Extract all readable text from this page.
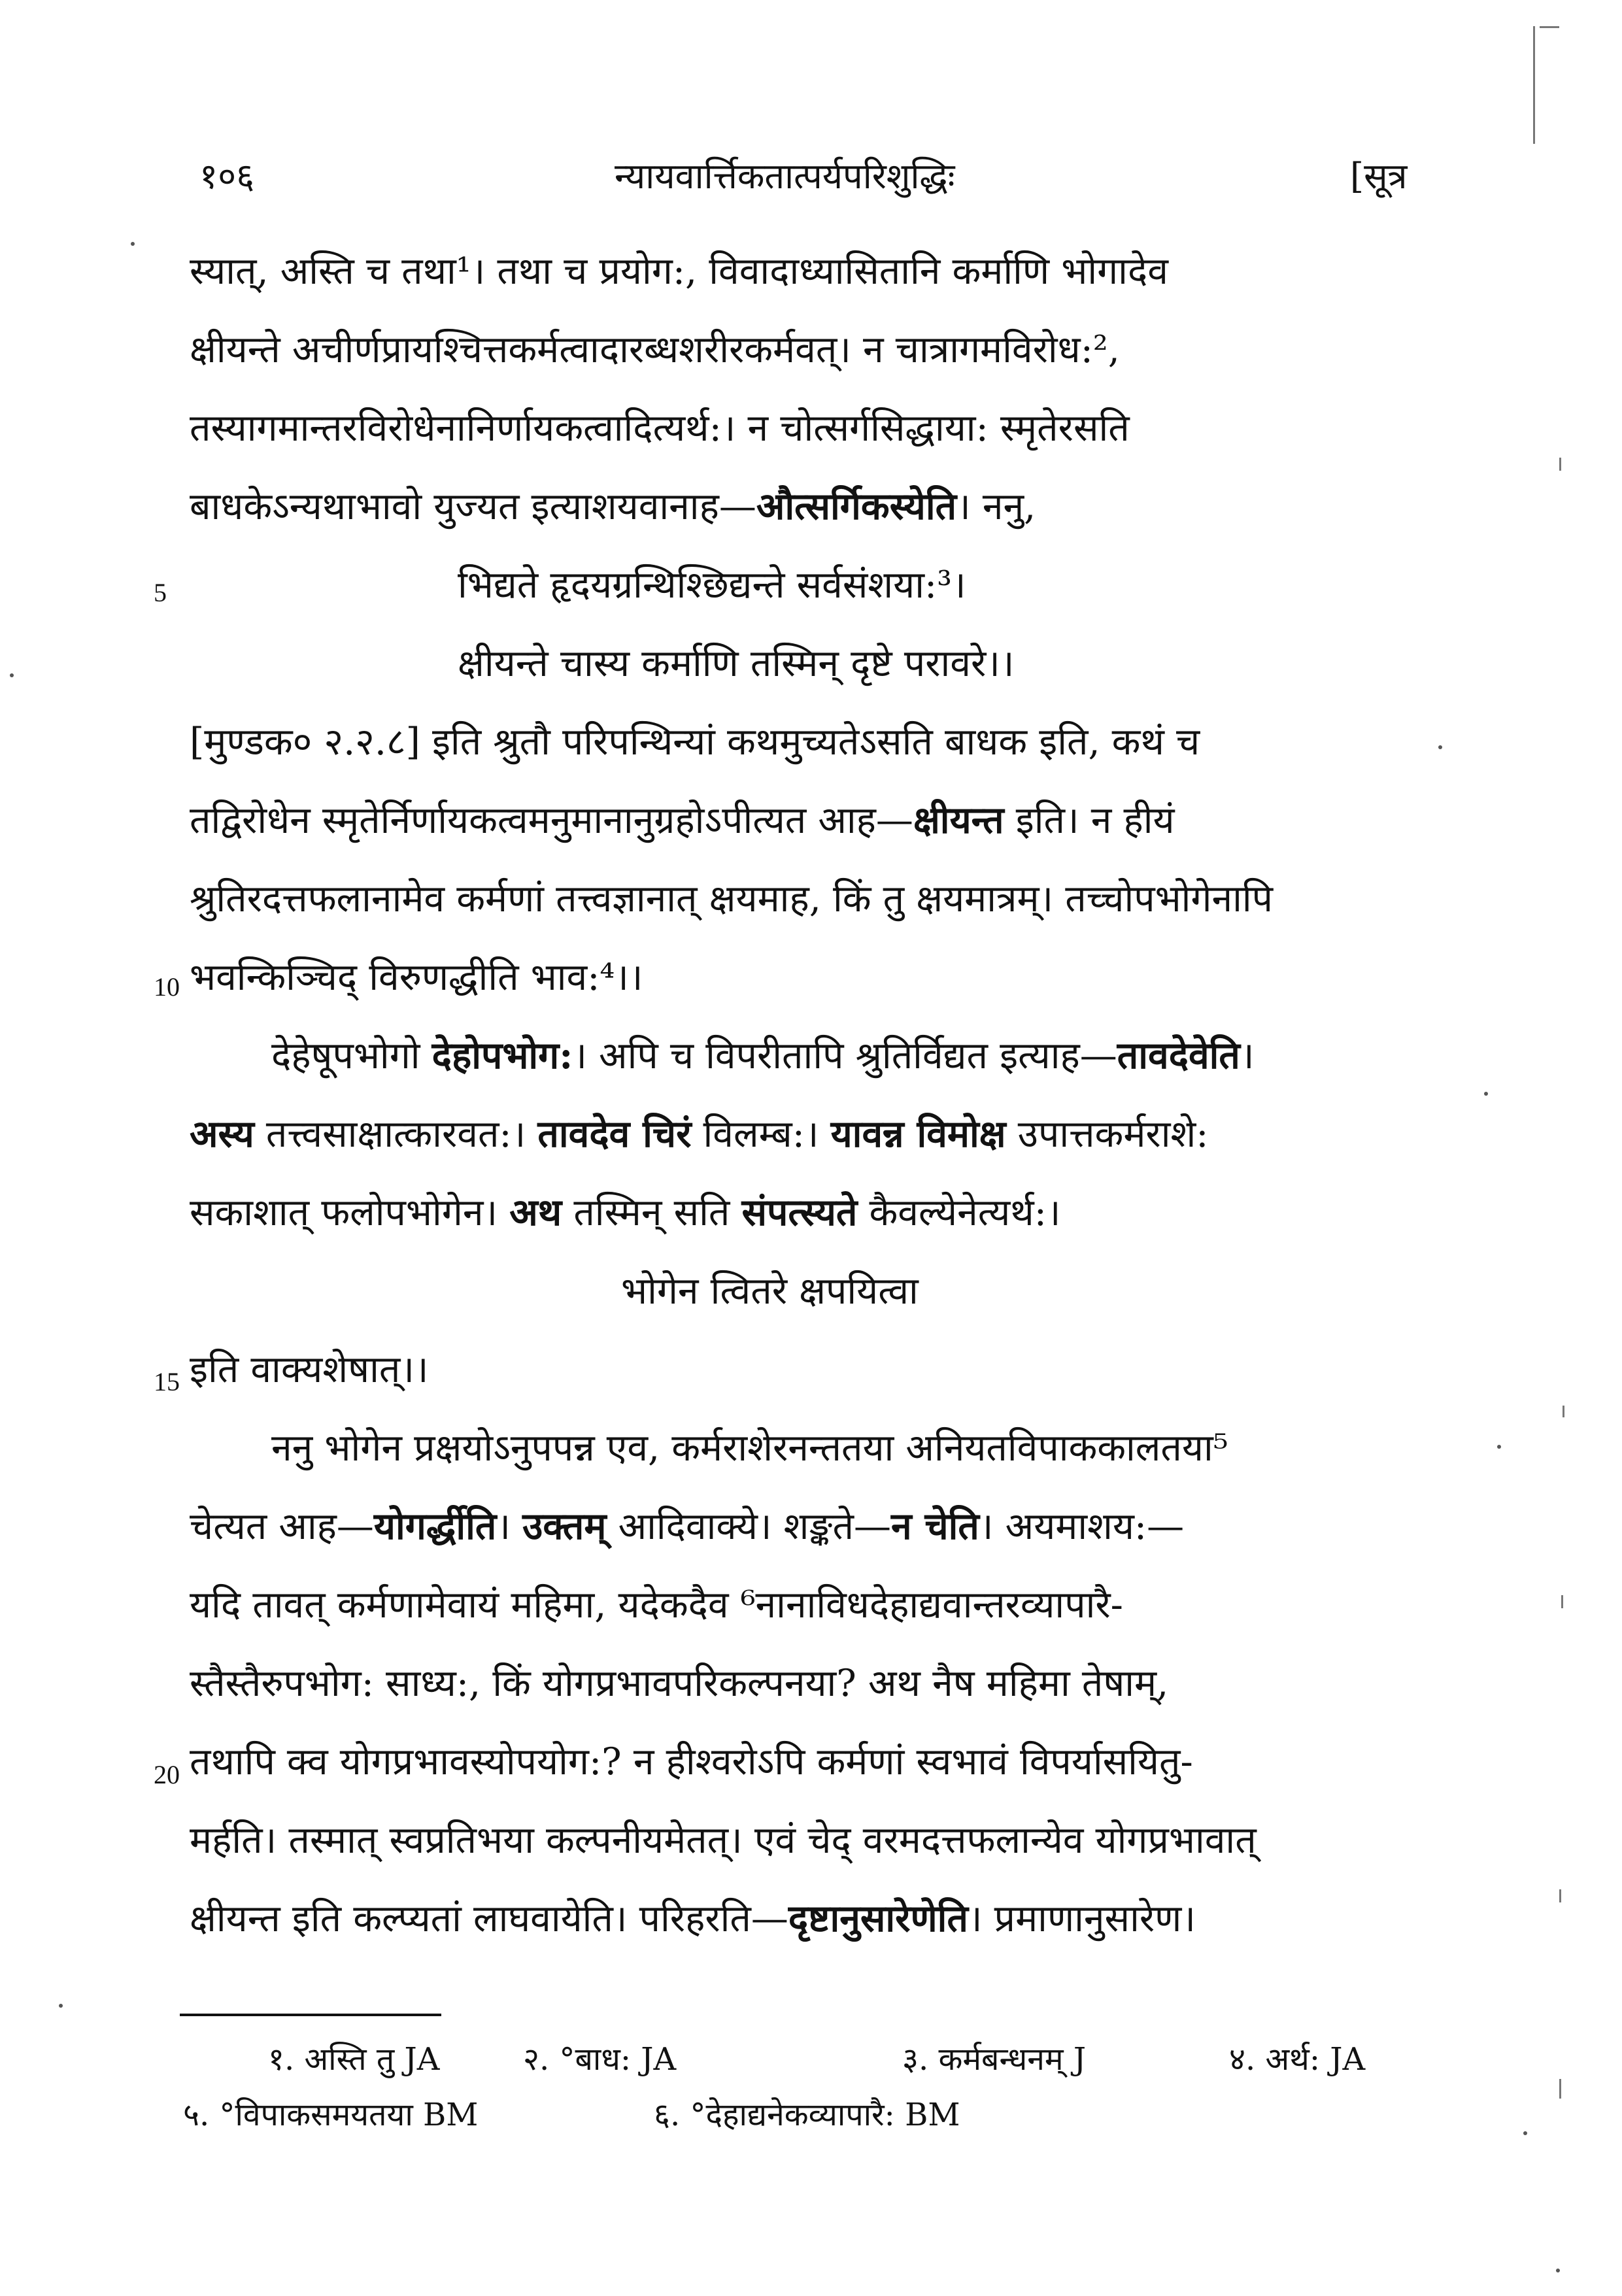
१०६	न्यायवार्त्तिकतात्पर्यपरिशुद्धिः	[सूत्र
5
10
15
20
स्यात्, अस्ति च तथा¹। तथा च प्रयोग:, विवादाध्यासितानि कर्माणि भोगादेव
क्षीयन्ते अचीर्णप्रायश्चित्तकर्मत्वादारब्धशरीरकर्मवत्। न चात्रागमविरोध:²,
तस्यागमान्तरविरोधेनानिर्णायकत्वादित्यर्थ:। न चोत्सर्गसिद्धाया: स्मृतेरसति
बाधकेऽन्यथाभावो युज्यत इत्याशयवानाह—औत्सर्गिकस्येति। ननु,
भिद्यते हृदयग्रन्थिश्छिद्यन्ते सर्वसंशया:³।
क्षीयन्ते चास्य कर्माणि तस्मिन् दृष्टे परावरे।।
[मुण्डक० २.२.८] इति श्रुतौ परिपन्थिन्यां कथमुच्यतेऽसति बाधक इति, कथं च
तद्विरोधेन स्मृतेर्निर्णायकत्वमनुमानानुग्रहोऽपीत्यत आह—क्षीयन्त इति। न हीयं
श्रुतिरदत्तफलानामेव कर्मणां तत्त्वज्ञानात् क्षयमाह, किं तु क्षयमात्रम्। तच्चोपभोगेनापि
भवन्किञ्चिद् विरुणद्धीति भाव:⁴।।
देहेषूपभोगो देहोपभोग:। अपि च विपरीतापि श्रुतिर्विद्यत इत्याह—तावदेवेति।
अस्य तत्त्वसाक्षात्कारवत:। तावदेव चिरं विलम्ब:। यावन्न विमोक्ष उपात्तकर्मराशे:
सकाशात् फलोपभोगेन। अथ तस्मिन् सति संपत्स्यते कैवल्येनेत्यर्थ:।
भोगेन त्वितरे क्षपयित्वा
इति वाक्यशेषात्।।
ननु भोगेन प्रक्षयोऽनुपपन्न एव, कर्मराशेरनन्ततया अनियतविपाककालतया⁵
चेत्यत आह—योगर्द्धीति। उक्तम् आदिवाक्ये। शङ्कते—न चेति। अयमाशय:—
यदि तावत् कर्मणामेवायं महिमा, यदेकदैव ⁶नानाविधदेहाद्यवान्तरव्यापारै-
स्तैस्तैरुपभोग: साध्य:, किं योगप्रभावपरिकल्पनया? अथ नैष महिमा तेषाम्,
तथापि क्व योगप्रभावस्योपयोग:? न हीश्वरोऽपि कर्मणां स्वभावं विपर्यासयितु-
मर्हति। तस्मात् स्वप्रतिभया कल्पनीयमेतत्। एवं चेद् वरमदत्तफलान्येव योगप्रभावात्
क्षीयन्त इति कल्प्यतां लाघवायेति। परिहरति—दृष्टानुसारेणेति। प्रमाणानुसारेण।
१. अस्ति तु JA	२. °बाध: JA	३. कर्मबन्धनम् J	४. अर्थ: JA
५. °विपाकसमयतया BM	६. °देहाद्यनेकव्यापारै: BM
